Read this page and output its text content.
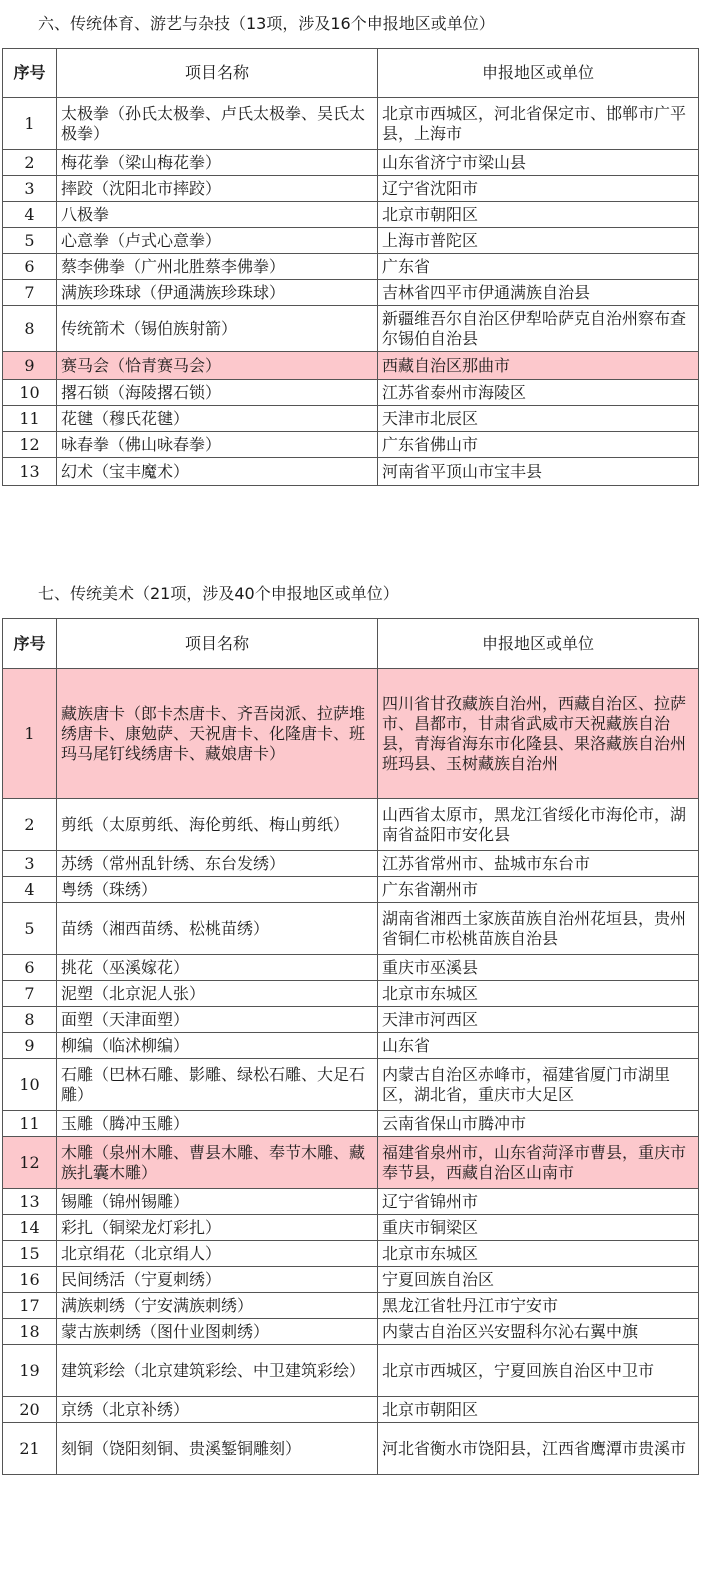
六、传统体育、游艺与杂技（13项，涉及16个申报地区或单位）
序号	项目名称	申报地区或单位
1	太极拳（孙氏太极拳、卢氏太极拳、吴氏太极拳）	北京市西城区，河北省保定市、邯郸市广平县，上海市
2	梅花拳（梁山梅花拳）	山东省济宁市梁山县
3	摔跤（沈阳北市摔跤）	辽宁省沈阳市
4	八极拳	北京市朝阳区
5	心意拳（卢式心意拳）	上海市普陀区
6	蔡李佛拳（广州北胜蔡李佛拳）	广东省
7	满族珍珠球（伊通满族珍珠球）	吉林省四平市伊通满族自治县
8	传统箭术（锡伯族射箭）	新疆维吾尔自治区伊犁哈萨克自治州察布查尔锡伯自治县
9	赛马会（恰青赛马会）	西藏自治区那曲市
10	撂石锁（海陵撂石锁）	江苏省泰州市海陵区
11	花毽（穆氏花毽）	天津市北辰区
12	咏春拳（佛山咏春拳）	广东省佛山市
13	幻术（宝丰魔术）	河南省平顶山市宝丰县
七、传统美术（21项，涉及40个申报地区或单位）
序号	项目名称	申报地区或单位
1	藏族唐卡（郎卡杰唐卡、齐吾岗派、拉萨堆绣唐卡、康勉萨、天祝唐卡、化隆唐卡、班玛马尾钉线绣唐卡、藏娘唐卡）	四川省甘孜藏族自治州，西藏自治区、拉萨市、昌都市，甘肃省武威市天祝藏族自治县，青海省海东市化隆县、果洛藏族自治州班玛县、玉树藏族自治州
2	剪纸（太原剪纸、海伦剪纸、梅山剪纸）	山西省太原市，黑龙江省绥化市海伦市，湖南省益阳市安化县
3	苏绣（常州乱针绣、东台发绣）	江苏省常州市、盐城市东台市
4	粤绣（珠绣）	广东省潮州市
5	苗绣（湘西苗绣、松桃苗绣）	湖南省湘西土家族苗族自治州花垣县，贵州省铜仁市松桃苗族自治县
6	挑花（巫溪嫁花）	重庆市巫溪县
7	泥塑（北京泥人张）	北京市东城区
8	面塑（天津面塑）	天津市河西区
9	柳编（临沭柳编）	山东省
10	石雕（巴林石雕、影雕、绿松石雕、大足石雕）	内蒙古自治区赤峰市，福建省厦门市湖里区，湖北省，重庆市大足区
11	玉雕（腾冲玉雕）	云南省保山市腾冲市
12	木雕（泉州木雕、曹县木雕、奉节木雕、藏族扎囊木雕）	福建省泉州市，山东省菏泽市曹县，重庆市奉节县，西藏自治区山南市
13	锡雕（锦州锡雕）	辽宁省锦州市
14	彩扎（铜梁龙灯彩扎）	重庆市铜梁区
15	北京绢花（北京绢人）	北京市东城区
16	民间绣活（宁夏刺绣）	宁夏回族自治区
17	满族刺绣（宁安满族刺绣）	黑龙江省牡丹江市宁安市
18	蒙古族刺绣（图什业图刺绣）	内蒙古自治区兴安盟科尔沁右翼中旗
19	建筑彩绘（北京建筑彩绘、中卫建筑彩绘）	北京市西城区，宁夏回族自治区中卫市
20	京绣（北京补绣）	北京市朝阳区
21	刻铜（饶阳刻铜、贵溪錾铜雕刻）	河北省衡水市饶阳县，江西省鹰潭市贵溪市
